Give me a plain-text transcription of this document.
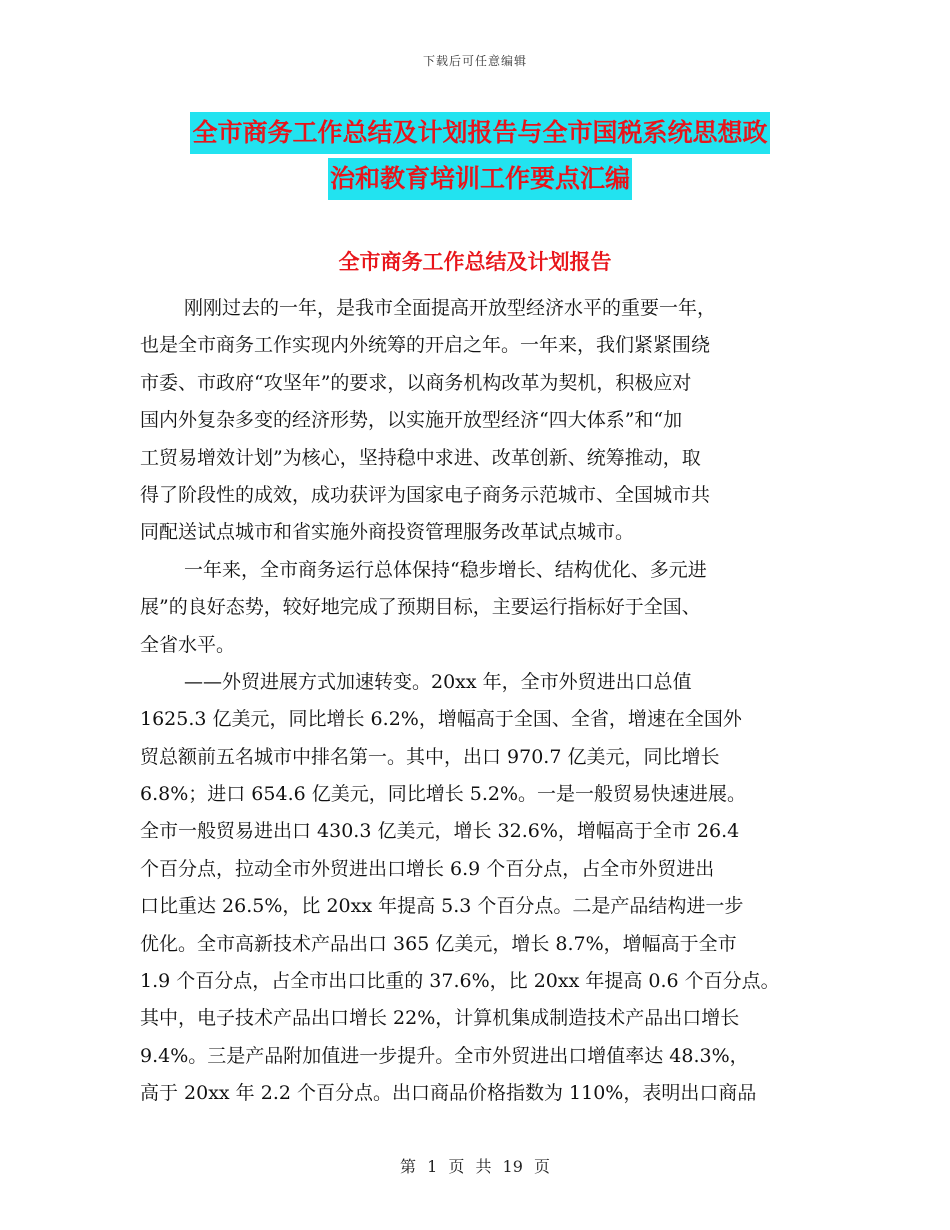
下载后可任意编辑
全市商务工作总结及计划报告与全市国税系统思想政
治和教育培训工作要点汇编
全市商务工作总结及计划报告
刚刚过去的一年，是我市全面提高开放型经济水平的重要一年，
也是全市商务工作实现内外统筹的开启之年。一年来，我们紧紧围绕
市委、市政府“攻坚年”的要求，以商务机构改革为契机，积极应对
国内外复杂多变的经济形势，以实施开放型经济“四大体系”和“加
工贸易增效计划”为核心，坚持稳中求进、改革创新、统筹推动，取
得了阶段性的成效，成功获评为国家电子商务示范城市、全国城市共
同配送试点城市和省实施外商投资管理服务改革试点城市。
一年来，全市商务运行总体保持“稳步增长、结构优化、多元进
展”的良好态势，较好地完成了预期目标，主要运行指标好于全国、
全省水平。
——外贸进展方式加速转变。20xx 年，全市外贸进出口总值
1625.3 亿美元，同比增长 6.2%，增幅高于全国、全省，增速在全国外
贸总额前五名城市中排名第一。其中，出口 970.7 亿美元，同比增长
6.8%；进口 654.6 亿美元，同比增长 5.2%。一是一般贸易快速进展。
全市一般贸易进出口 430.3 亿美元，增长 32.6%，增幅高于全市 26.4
个百分点，拉动全市外贸进出口增长 6.9 个百分点，占全市外贸进出
口比重达 26.5%，比 20xx 年提高 5.3 个百分点。二是产品结构进一步
优化。全市高新技术产品出口 365 亿美元，增长 8.7%，增幅高于全市
1.9 个百分点，占全市出口比重的 37.6%，比 20xx 年提高 0.6 个百分点。
其中，电子技术产品出口增长 22%，计算机集成制造技术产品出口增长
9.4%。三是产品附加值进一步提升。全市外贸进出口增值率达 48.3%，
高于 20xx 年 2.2 个百分点。出口商品价格指数为 110%，表明出口商品
第 1 页 共 19 页
